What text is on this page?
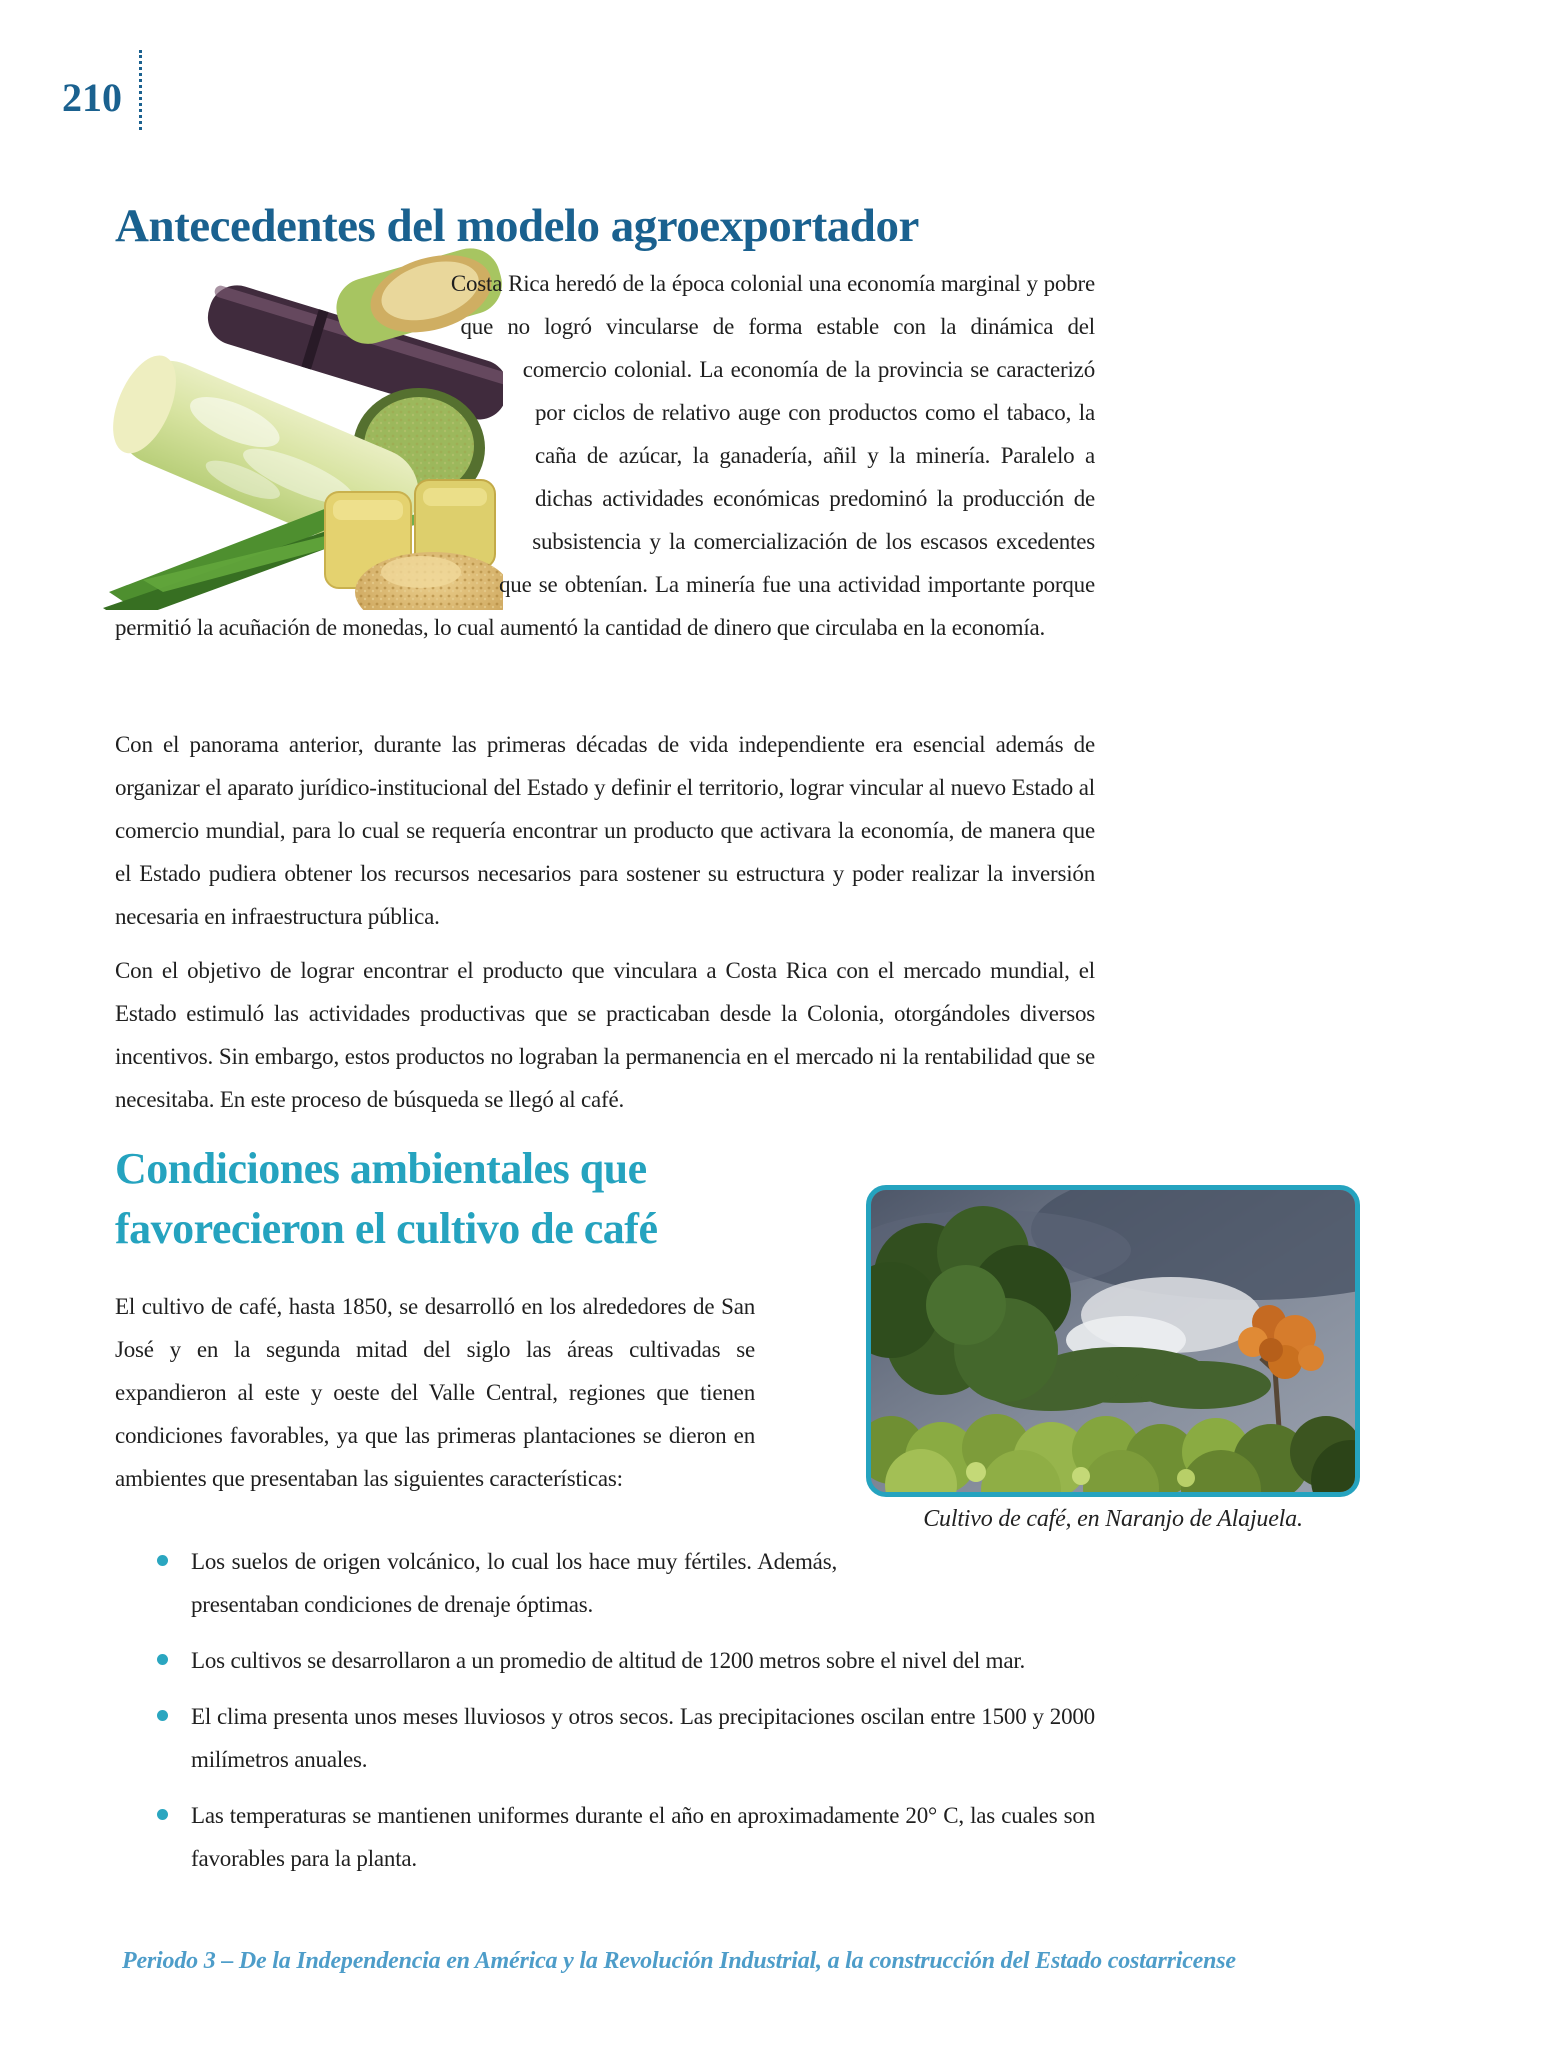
210
Antecedentes del modelo agroexportador
Costa Rica heredó de la época colonial una economía marginal y pobre que no logró vincularse de forma estable con la dinámica del comercio colonial. La economía de la provincia se caracterizó por ciclos de relativo auge con productos como el tabaco, la caña de azúcar, la ganadería, añil y la minería. Paralelo a dichas actividades económicas predominó la producción de subsistencia y la comercialización de los escasos excedentes que se obtenían. La minería fue una actividad importante porque permitió la acuñación de monedas, lo cual aumentó la cantidad de dinero que circulaba en la economía.

Con el panorama anterior, durante las primeras décadas de vida independiente era esencial además de organizar el aparato jurídico-institucional del Estado y definir el territorio, lograr vincular al nuevo Estado al comercio mundial, para lo cual se requería encontrar un producto que activara la economía, de manera que el Estado pudiera obtener los recursos necesarios para sostener su estructura y poder realizar la inversión necesaria en infraestructura pública.

Con el objetivo de lograr encontrar el producto que vinculara a Costa Rica con el mercado mundial, el Estado estimuló las actividades productivas que se practicaban desde la Colonia, otorgándoles diversos incentivos. Sin embargo, estos productos no lograban la permanencia en el mercado ni la rentabilidad que se necesitaba. En este proceso de búsqueda se llegó al café.

Condiciones ambientales que favorecieron el cultivo de café

El cultivo de café, hasta 1850, se desarrolló en los alrededores de San José y en la segunda mitad del siglo las áreas cultivadas se expandieron al este y oeste del Valle Central, regiones que tienen condiciones favorables, ya que las primeras plantaciones se dieron en ambientes que presentaban las siguientes características:

Cultivo de café, en Naranjo de Alajuela.
Los suelos de origen volcánico, lo cual los hace muy fértiles. Además, presentaban condiciones de drenaje óptimas.
Los cultivos se desarrollaron a un promedio de altitud de 1200 metros sobre el nivel del mar.
El clima presenta unos meses lluviosos y otros secos. Las precipitaciones oscilan entre 1500 y 2000 milímetros anuales.
Las temperaturas se mantienen uniformes durante el año en aproximadamente 20° C, las cuales son favorables para la planta.
Periodo 3 – De la Independencia en América y la Revolución Industrial, a la construcción del Estado costarricense
